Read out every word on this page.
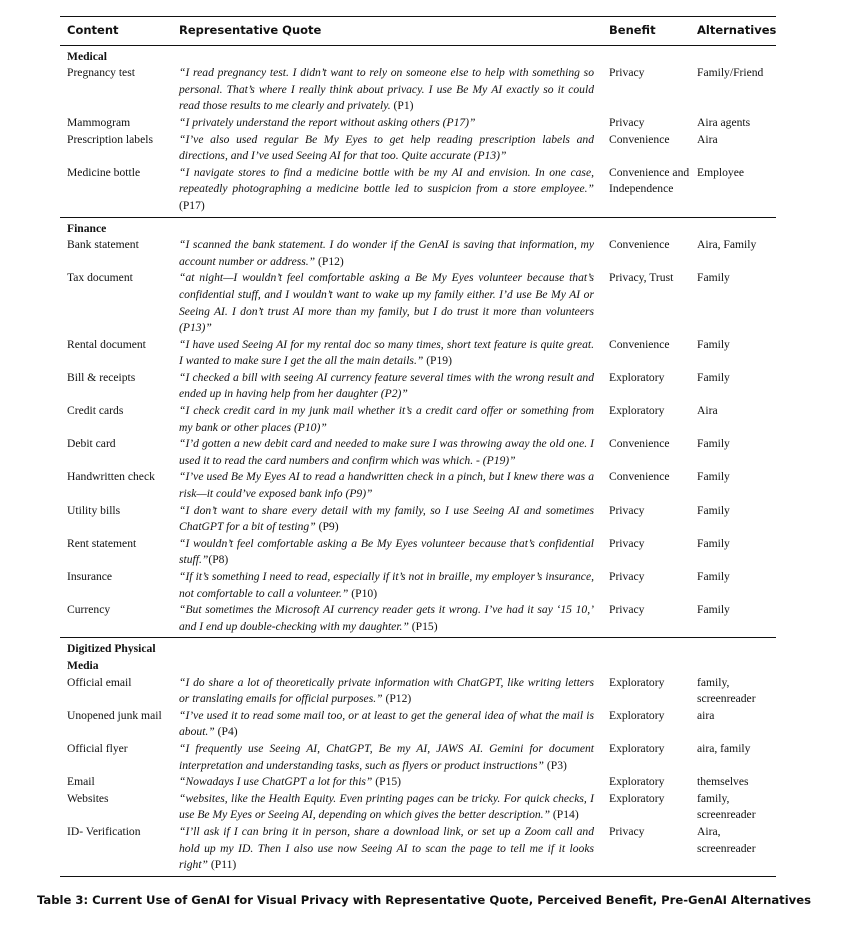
Content	Representative Quote	Benefit	Alternatives
Medical			
Pregnancy test	“I read pregnancy test. I didn’t want to rely on someone else to help with something so personal. That’s where I really think about privacy. I use Be My AI exactly so it could read those results to me clearly and privately. (P1)	Privacy	Family/Friend
Mammogram	“I privately understand the report without asking others (P17)”	Privacy	Aira agents
Prescription labels	“I’ve also used regular Be My Eyes to get help reading prescription labels and directions, and I’ve used Seeing AI for that too. Quite accurate (P13)”	Convenience	Aira
Medicine bottle	“I navigate stores to find a medicine bottle with be my AI and envision. In one case, repeatedly photographing a medicine bottle led to suspicion from a store employee.” (P17)	Convenience and Independence	Employee
Finance			
Bank statement	“I scanned the bank statement. I do wonder if the GenAI is saving that information, my account number or address.” (P12)	Convenience	Aira, Family
Tax document	“at night—I wouldn’t feel comfortable asking a Be My Eyes volunteer because that’s confidential stuff, and I wouldn’t want to wake up my family either. I’d use Be My AI or Seeing AI. I don’t trust AI more than my family, but I do trust it more than volunteers (P13)”	Privacy, Trust	Family
Rental document	“I have used Seeing AI for my rental doc so many times, short text feature is quite great. I wanted to make sure I get the all the main details.” (P19)	Convenience	Family
Bill & receipts	“I checked a bill with seeing AI currency feature several times with the wrong result and ended up in having help from her daughter (P2)”	Exploratory	Family
Credit cards	“I check credit card in my junk mail whether it’s a credit card offer or something from my bank or other places (P10)”	Exploratory	Aira
Debit card	“I’d gotten a new debit card and needed to make sure I was throwing away the old one. I used it to read the card numbers and confirm which was which. - (P19)”	Convenience	Family
Handwritten check	“I’ve used Be My Eyes AI to read a handwritten check in a pinch, but I knew there was a risk—it could’ve exposed bank info (P9)”	Convenience	Family
Utility bills	“I don’t want to share every detail with my family, so I use Seeing AI and sometimes ChatGPT for a bit of testing” (P9)	Privacy	Family
Rent statement	“I wouldn’t feel comfortable asking a Be My Eyes volunteer because that’s confidential stuff.”(P8)	Privacy	Family
Insurance	“If it’s something I need to read, especially if it’s not in braille, my employer’s insurance, not comfortable to call a volunteer.” (P10)	Privacy	Family
Currency	“But sometimes the Microsoft AI currency reader gets it wrong. I’ve had it say ‘15 10,’ and I end up double-checking with my daughter.” (P15)	Privacy	Family
Digitized Physical Media			
Official email	“I do share a lot of theoretically private information with ChatGPT, like writing letters or translating emails for official purposes.” (P12)	Exploratory	family, screenreader
Unopened junk mail	“I’ve used it to read some mail too, or at least to get the general idea of what the mail is about.” (P4)	Exploratory	aira
Official flyer	“I frequently use Seeing AI, ChatGPT, Be my AI, JAWS AI. Gemini for document interpretation and understanding tasks, such as flyers or product instructions” (P3)	Exploratory	aira, family
Email	“Nowadays I use ChatGPT a lot for this” (P15)	Exploratory	themselves
Websites	“websites, like the Health Equity. Even printing pages can be tricky. For quick checks, I use Be My Eyes or Seeing AI, depending on which gives the better description.” (P14)	Exploratory	family, screenreader
ID- Verification	“I’ll ask if I can bring it in person, share a download link, or set up a Zoom call and hold up my ID. Then I also use now Seeing AI to scan the page to tell me if it looks right” (P11)	Privacy	Aira, screenreader
Table 3: Current Use of GenAI for Visual Privacy with Representative Quote, Perceived Benefit, Pre-GenAI Alternatives
